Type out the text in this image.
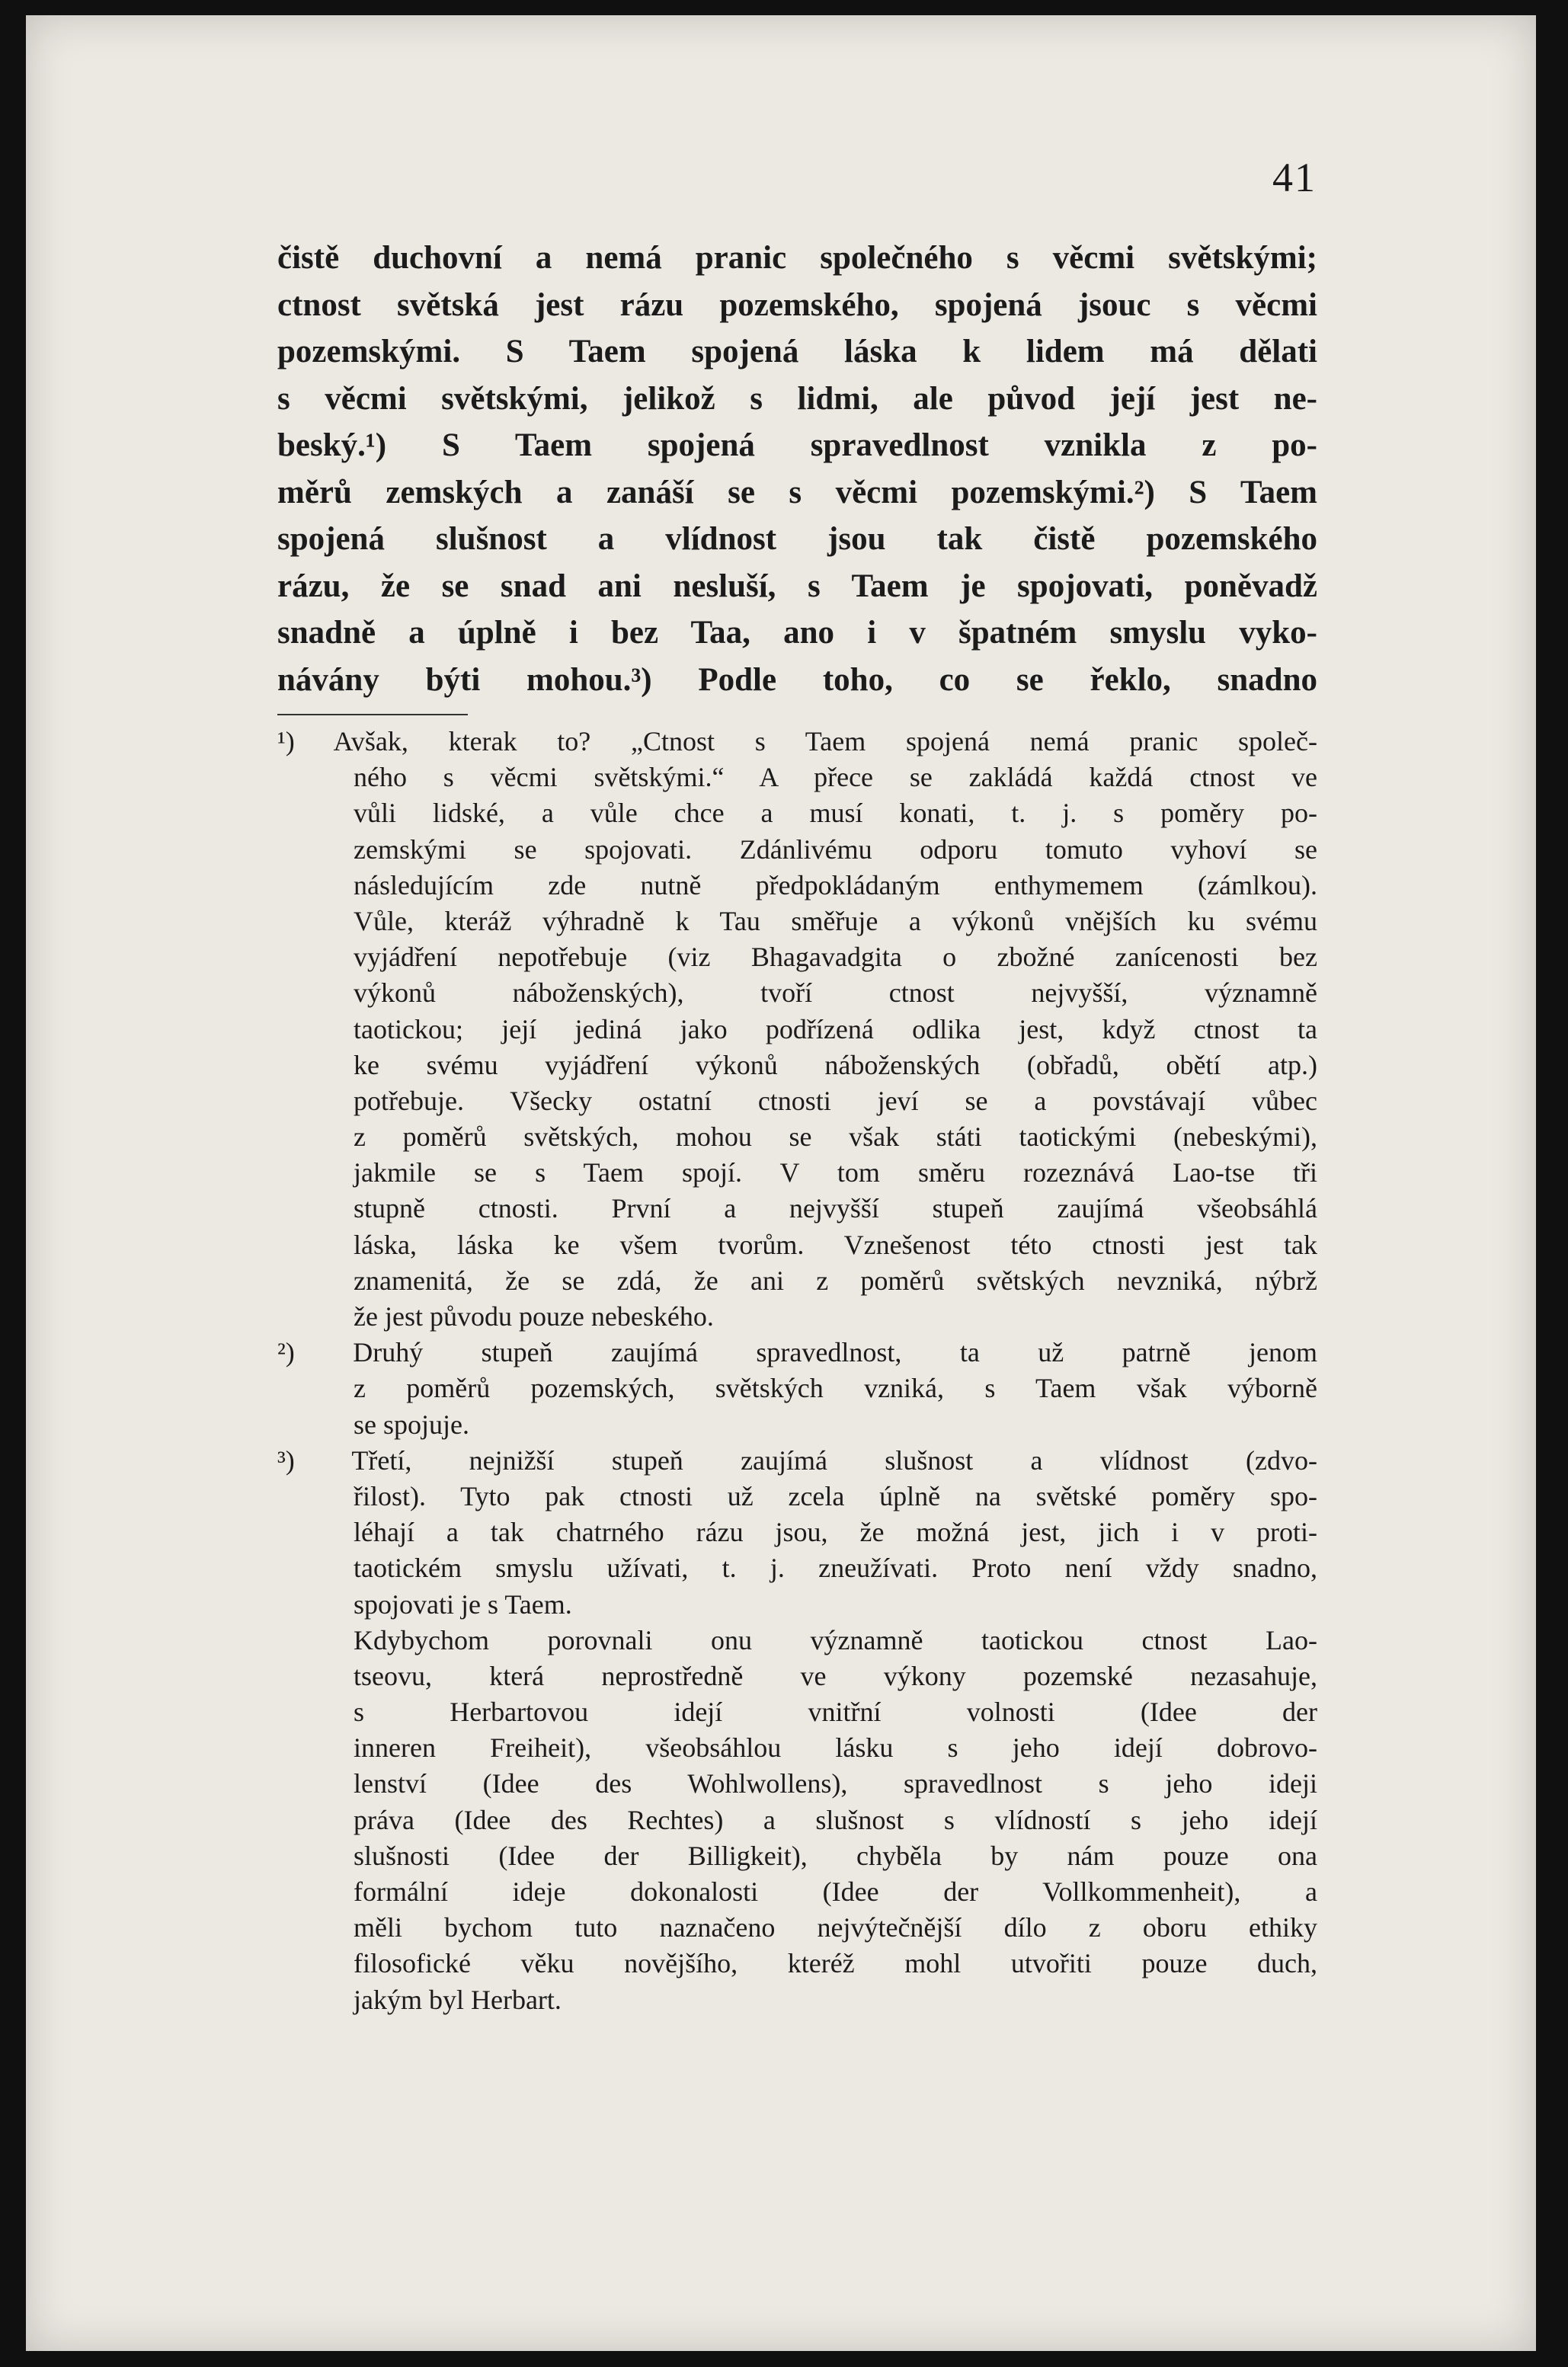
41
čistě duchovní a nemá pranic společného s věcmi světskými;
ctnost světská jest rázu pozemského, spojená jsouc s věcmi
pozemskými. S Taem spojená láska k lidem má dělati
s věcmi světskými, jelikož s lidmi, ale původ její jest ne-
beský.¹) S Taem spojená spravedlnost vznikla z po-
měrů zemských a zanáší se s věcmi pozemskými.²) S Taem
spojená slušnost a vlídnost jsou tak čistě pozemského
rázu, že se snad ani nesluší, s Taem je spojovati, poněvadž
snadně a úplně i bez Taa, ano i v špatném smyslu vyko-
návány býti mohou.³) Podle toho, co se řeklo, snadno
¹) Avšak, kterak to? „Ctnost s Taem spojená nemá pranic společ-
ného s věcmi světskými.“ A přece se zakládá každá ctnost ve
vůli lidské, a vůle chce a musí konati, t. j. s poměry po-
zemskými se spojovati. Zdánlivému odporu tomuto vyhoví se
následujícím zde nutně předpokládaným enthymemem (zámlkou).
Vůle, kteráž výhradně k Tau směřuje a výkonů vnějších ku svému
vyjádření nepotřebuje (viz Bhagavadgita o zbožné zanícenosti bez
výkonů náboženských), tvoří ctnost nejvyšší, významně
taotickou; její jediná jako podřízená odlika jest, když ctnost ta
ke svému vyjádření výkonů náboženských (obřadů, obětí atp.)
potřebuje. Všecky ostatní ctnosti jeví se a povstávají vůbec
z poměrů světských, mohou se však státi taotickými (nebeskými),
jakmile se s Taem spojí. V tom směru rozeznává Lao-tse tři
stupně ctnosti. První a nejvyšší stupeň zaujímá všeobsáhlá
láska, láska ke všem tvorům. Vznešenost této ctnosti jest tak
znamenitá, že se zdá, že ani z poměrů světských nevzniká, nýbrž
že jest původu pouze nebeského.
²) Druhý stupeň zaujímá spravedlnost, ta už patrně jenom
z poměrů pozemských, světských vzniká, s Taem však výborně
se spojuje.
³) Třetí, nejnižší stupeň zaujímá slušnost a vlídnost (zdvo-
řilost). Tyto pak ctnosti už zcela úplně na světské poměry spo-
léhají a tak chatrného rázu jsou, že možná jest, jich i v proti-
taotickém smyslu užívati, t. j. zneužívati. Proto není vždy snadno,
spojovati je s Taem.
Kdybychom porovnali onu významně taotickou ctnost Lao-
tseovu, která neprostředně ve výkony pozemské nezasahuje,
s Herbartovou idejí vnitřní volnosti (Idee der
inneren Freiheit), všeobsáhlou lásku s jeho idejí dobrovo-
lenství (Idee des Wohlwollens), spravedlnost s jeho ideji
práva (Idee des Rechtes) a slušnost s vlídností s jeho idejí
slušnosti (Idee der Billigkeit), chyběla by nám pouze ona
formální ideje dokonalosti (Idee der Vollkommenheit), a
měli bychom tuto naznačeno nejvýtečnější dílo z oboru ethiky
filosofické věku novějšího, kteréž mohl utvořiti pouze duch,
jakým byl Herbart.
